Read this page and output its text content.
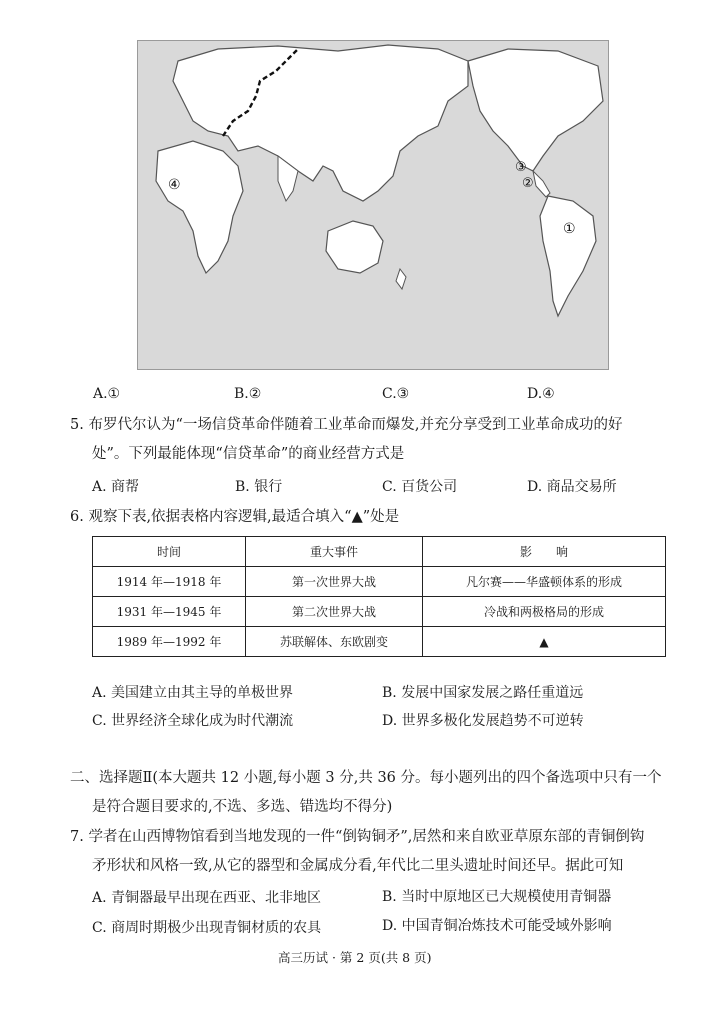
①
②
③
④
A.①	B.②	C.③	D.④
5. 布罗代尔认为“一场信贷革命伴随着工业革命而爆发,并充分享受到工业革命成功的好
处”。下列最能体现“信贷革命”的商业经营方式是
A. 商帮	B. 银行	C. 百货公司	D. 商品交易所
6. 观察下表,依据表格内容逻辑,最适合填入“▲”处是
时间	重大事件	影　　响
1914 年—1918 年	第一次世界大战	凡尔赛——华盛顿体系的形成
1931 年—1945 年	第二次世界大战	冷战和两极格局的形成
1989 年—1992 年	苏联解体、东欧剧变	▲
A. 美国建立由其主导的单极世界	B. 发展中国家发展之路任重道远
C. 世界经济全球化成为时代潮流	D. 世界多极化发展趋势不可逆转
二、选择题Ⅱ(本大题共 12 小题,每小题 3 分,共 36 分。每小题列出的四个备选项中只有一个
是符合题目要求的,不选、多选、错选均不得分)
7. 学者在山西博物馆看到当地发现的一件“倒钩铜矛”,居然和来自欧亚草原东部的青铜倒钩
矛形状和风格一致,从它的器型和金属成分看,年代比二里头遗址时间还早。据此可知
A. 青铜器最早出现在西亚、北非地区	B. 当时中原地区已大规模使用青铜器
C. 商周时期极少出现青铜材质的农具	D. 中国青铜冶炼技术可能受域外影响
高三历试 · 第 2 页(共 8 页)
